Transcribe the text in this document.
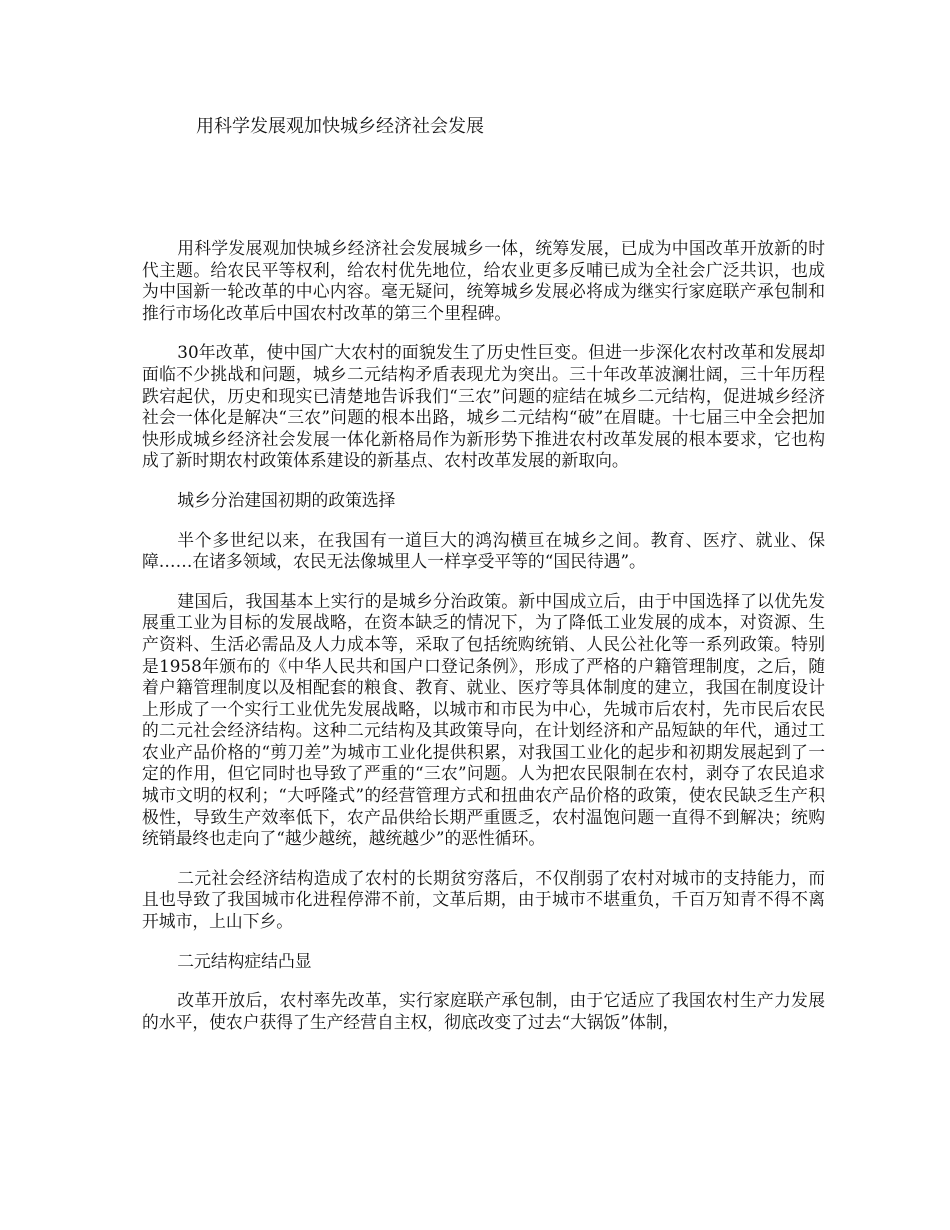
用科学发展观加快城乡经济社会发展

用科学发展观加快城乡经济社会发展城乡一体，统筹发展，已成为中国改革开放新的时代主题。给农民平等权利，给农村优先地位，给农业更多反哺已成为全社会广泛共识，也成为中国新一轮改革的中心内容。毫无疑问，统筹城乡发展必将成为继实行家庭联产承包制和推行市场化改革后中国农村改革的第三个里程碑。

30年改革，使中国广大农村的面貌发生了历史性巨变。但进一步深化农村改革和发展却面临不少挑战和问题，城乡二元结构矛盾表现尤为突出。三十年改革波澜壮阔，三十年历程跌宕起伏，历史和现实已清楚地告诉我们“三农”问题的症结在城乡二元结构，促进城乡经济社会一体化是解决“三农”问题的根本出路，城乡二元结构“破”在眉睫。十七届三中全会把加快形成城乡经济社会发展一体化新格局作为新形势下推进农村改革发展的根本要求，它也构成了新时期农村政策体系建设的新基点、农村改革发展的新取向。

城乡分治建国初期的政策选择

半个多世纪以来，在我国有一道巨大的鸿沟横亘在城乡之间。教育、医疗、就业、保障……在诸多领域，农民无法像城里人一样享受平等的“国民待遇”。

建国后，我国基本上实行的是城乡分治政策。新中国成立后，由于中国选择了以优先发展重工业为目标的发展战略，在资本缺乏的情况下，为了降低工业发展的成本，对资源、生产资料、生活必需品及人力成本等，采取了包括统购统销、人民公社化等一系列政策。特别是1958年颁布的《中华人民共和国户口登记条例》，形成了严格的户籍管理制度，之后，随着户籍管理制度以及相配套的粮食、教育、就业、医疗等具体制度的建立，我国在制度设计上形成了一个实行工业优先发展战略，以城市和市民为中心，先城市后农村，先市民后农民的二元社会经济结构。这种二元结构及其政策导向，在计划经济和产品短缺的年代，通过工农业产品价格的“剪刀差”为城市工业化提供积累，对我国工业化的起步和初期发展起到了一定的作用，但它同时也导致了严重的“三农”问题。人为把农民限制在农村，剥夺了农民追求城市文明的权利；“大呼隆式”的经营管理方式和扭曲农产品价格的政策，使农民缺乏生产积极性，导致生产效率低下，农产品供给长期严重匮乏，农村温饱问题一直得不到解决；统购统销最终也走向了“越少越统，越统越少”的恶性循环。

二元社会经济结构造成了农村的长期贫穷落后，不仅削弱了农村对城市的支持能力，而且也导致了我国城市化进程停滞不前，文革后期，由于城市不堪重负，千百万知青不得不离开城市，上山下乡。

二元结构症结凸显

改革开放后，农村率先改革，实行家庭联产承包制，由于它适应了我国农村生产力发展的水平，使农户获得了生产经营自主权，彻底改变了过去“大锅饭”体制，
